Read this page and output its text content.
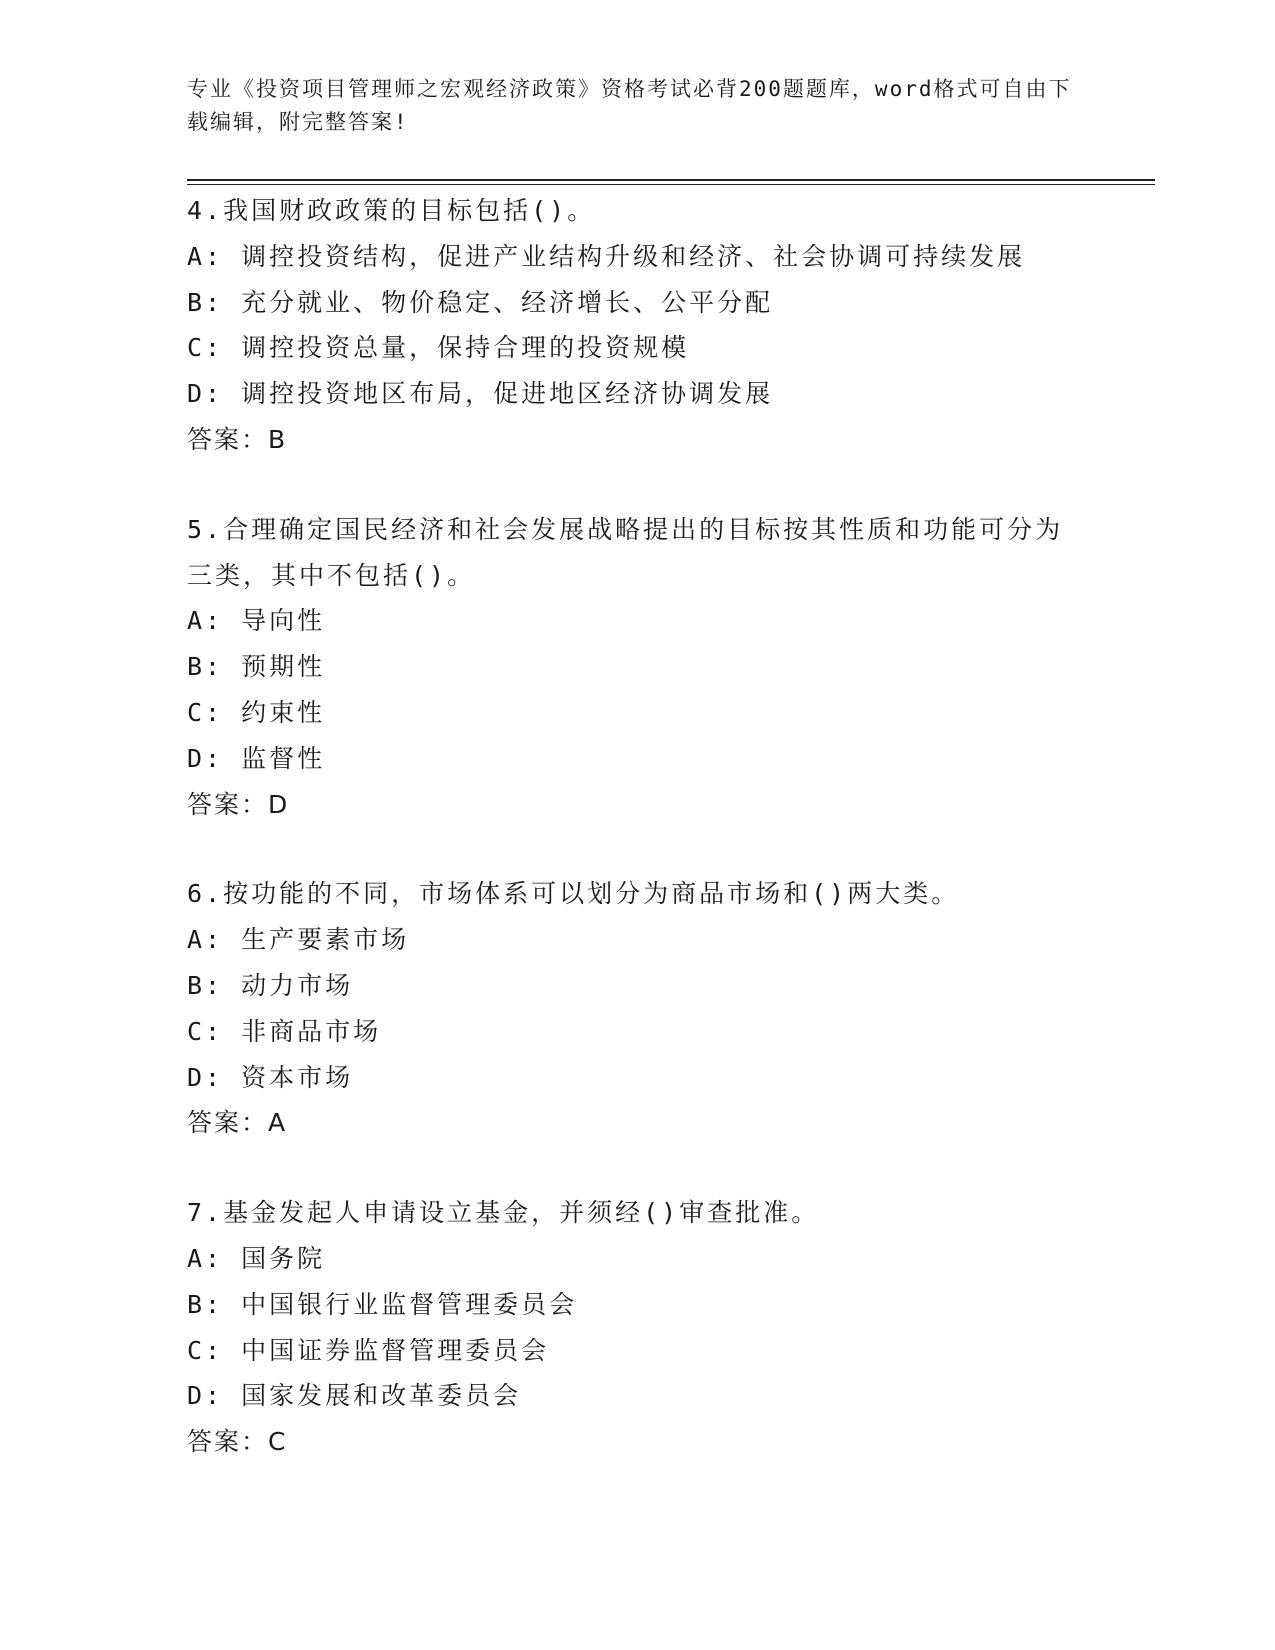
专业《投资项目管理师之宏观经济政策》资格考试必背200题题库，word格式可自由下载编辑，附完整答案!
4.我国财政政策的目标包括()。
A: 调控投资结构，促进产业结构升级和经济、社会协调可持续发展
B: 充分就业、物价稳定、经济增长、公平分配
C: 调控投资总量，保持合理的投资规模
D: 调控投资地区布局，促进地区经济协调发展
答案：B
5.合理确定国民经济和社会发展战略提出的目标按其性质和功能可分为三类，其中不包括()。
A: 导向性
B: 预期性
C: 约束性
D: 监督性
答案：D
6.按功能的不同，市场体系可以划分为商品市场和()两大类。
A: 生产要素市场
B: 动力市场
C: 非商品市场
D: 资本市场
答案：A
7.基金发起人申请设立基金，并须经()审查批准。
A: 国务院
B: 中国银行业监督管理委员会
C: 中国证券监督管理委员会
D: 国家发展和改革委员会
答案：C
